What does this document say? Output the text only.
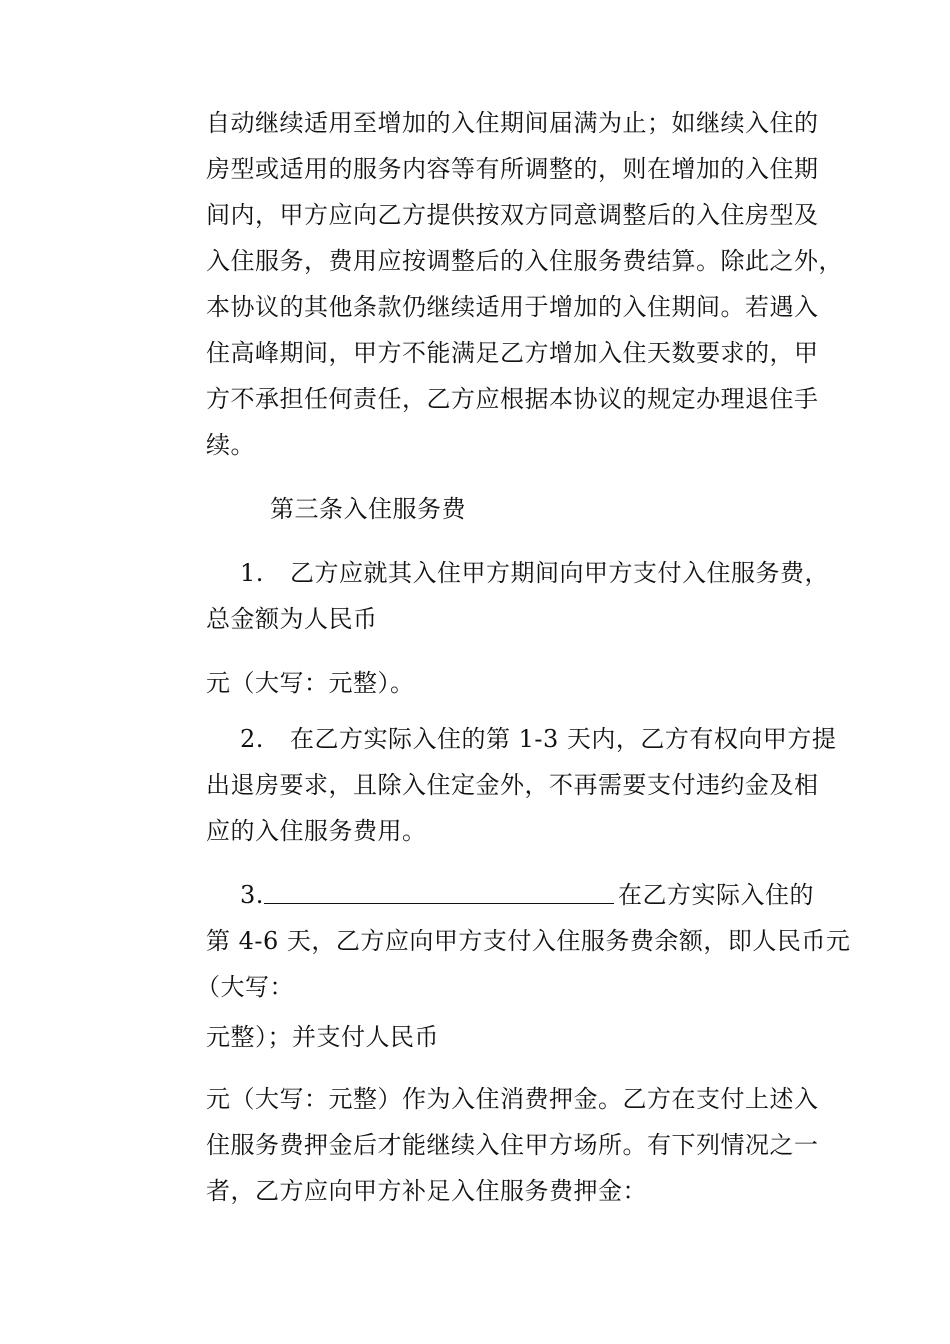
自动继续适用至增加的入住期间届满为止；如继续入住的
房型或适用的服务内容等有所调整的，则在增加的入住期
间内，甲方应向乙方提供按双方同意调整后的入住房型及
入住服务，费用应按调整后的入住服务费结算。除此之外，
本协议的其他条款仍继续适用于增加的入住期间。若遇入
住高峰期间，甲方不能满足乙方增加入住天数要求的，甲
方不承担任何责任，乙方应根据本协议的规定办理退住手
续。
第三条入住服务费
1. 乙方应就其入住甲方期间向甲方支付入住服务费，
总金额为人民币
元（大写：元整）。
2. 在乙方实际入住的第 1-3 天内，乙方有权向甲方提
出退房要求，且除入住定金外，不再需要支付违约金及相
应的入住服务费用。
3.	在乙方实际入住的
第 4-6 天，乙方应向甲方支付入住服务费余额，即人民币元
（大写：
元整）；并支付人民币
元（大写：元整）作为入住消费押金。乙方在支付上述入
住服务费押金后才能继续入住甲方场所。有下列情况之一
者，乙方应向甲方补足入住服务费押金：
